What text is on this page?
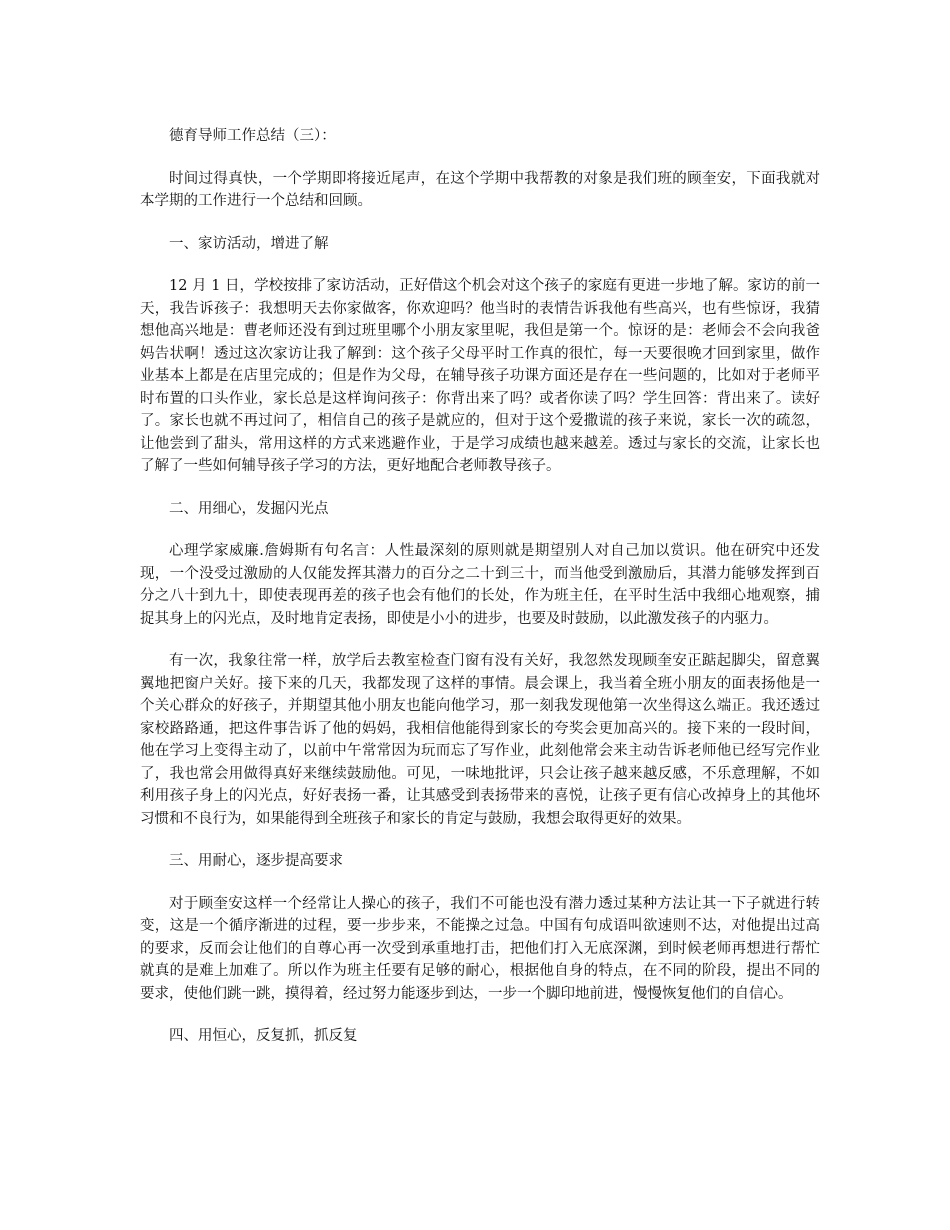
德育导师工作总结（三）：

时间过得真快，一个学期即将接近尾声，在这个学期中我帮教的对象是我们班的顾奎安，下面我就对本学期的工作进行一个总结和回顾。

一、家访活动，增进了解

12 月 1 日，学校按排了家访活动，正好借这个机会对这个孩子的家庭有更进一步地了解。家访的前一天，我告诉孩子：我想明天去你家做客，你欢迎吗？他当时的表情告诉我他有些高兴，也有些惊讶，我猜想他高兴地是：曹老师还没有到过班里哪个小朋友家里呢，我但是第一个。惊讶的是：老师会不会向我爸妈告状啊！透过这次家访让我了解到：这个孩子父母平时工作真的很忙，每一天要很晚才回到家里，做作业基本上都是在店里完成的；但是作为父母，在辅导孩子功课方面还是存在一些问题的，比如对于老师平时布置的口头作业，家长总是这样询问孩子：你背出来了吗？或者你读了吗？学生回答：背出来了。读好了。家长也就不再过问了，相信自己的孩子是就应的，但对于这个爱撒谎的孩子来说，家长一次的疏忽，让他尝到了甜头，常用这样的方式来逃避作业，于是学习成绩也越来越差。透过与家长的交流，让家长也了解了一些如何辅导孩子学习的方法，更好地配合老师教导孩子。

二、用细心，发掘闪光点

心理学家威廉.詹姆斯有句名言：人性最深刻的原则就是期望别人对自己加以赏识。他在研究中还发现，一个没受过激励的人仅能发挥其潜力的百分之二十到三十，而当他受到激励后，其潜力能够发挥到百分之八十到九十，即使表现再差的孩子也会有他们的长处，作为班主任，在平时生活中我细心地观察，捕捉其身上的闪光点，及时地肯定表扬，即使是小小的进步，也要及时鼓励，以此激发孩子的内驱力。

有一次，我象往常一样，放学后去教室检查门窗有没有关好，我忽然发现顾奎安正踮起脚尖，留意翼翼地把窗户关好。接下来的几天，我都发现了这样的事情。晨会课上，我当着全班小朋友的面表扬他是一个关心群众的好孩子，并期望其他小朋友也能向他学习，那一刻我发现他第一次坐得这么端正。我还透过家校路路通，把这件事告诉了他的妈妈，我相信他能得到家长的夸奖会更加高兴的。接下来的一段时间，他在学习上变得主动了，以前中午常常因为玩而忘了写作业，此刻他常会来主动告诉老师他已经写完作业了，我也常会用做得真好来继续鼓励他。可见，一味地批评，只会让孩子越来越反感，不乐意理解，不如利用孩子身上的闪光点，好好表扬一番，让其感受到表扬带来的喜悦，让孩子更有信心改掉身上的其他坏习惯和不良行为，如果能得到全班孩子和家长的肯定与鼓励，我想会取得更好的效果。

三、用耐心，逐步提高要求

对于顾奎安这样一个经常让人操心的孩子，我们不可能也没有潜力透过某种方法让其一下子就进行转变，这是一个循序渐进的过程，要一步步来，不能操之过急。中国有句成语叫欲速则不达，对他提出过高的要求，反而会让他们的自尊心再一次受到承重地打击，把他们打入无底深渊，到时候老师再想进行帮忙就真的是难上加难了。所以作为班主任要有足够的耐心，根据他自身的特点，在不同的阶段，提出不同的要求，使他们跳一跳，摸得着，经过努力能逐步到达，一步一个脚印地前进，慢慢恢复他们的自信心。

四、用恒心，反复抓，抓反复
